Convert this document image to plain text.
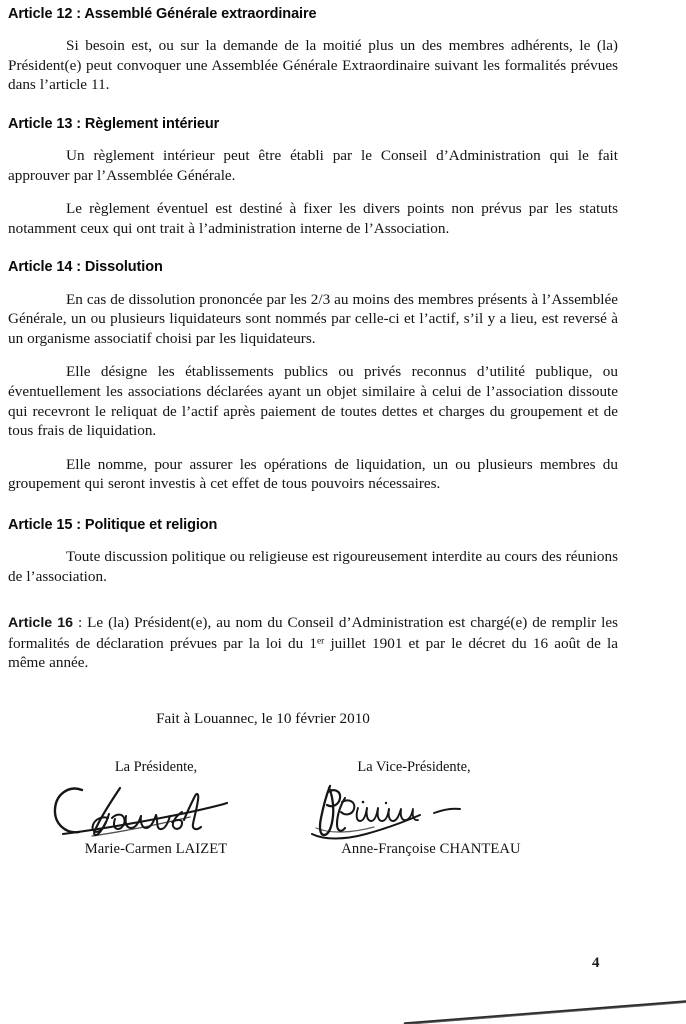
Article 12 : Assemblé Générale extraordinaire

Si besoin est, ou sur la demande de la moitié plus un des membres adhérents, le (la) Président(e) peut convoquer une Assemblée Générale Extraordinaire suivant les formalités prévues dans l’article 11.

Article 13 : Règlement intérieur

Un règlement intérieur peut être établi par le Conseil d’Administration qui le fait approuver par l’Assemblée Générale.

Le règlement éventuel est destiné à fixer les divers points non prévus par les statuts notamment ceux qui ont trait à l’administration interne de l’Association.

Article 14 : Dissolution

En cas de dissolution prononcée par les 2/3 au moins des membres présents à l’Assemblée Générale, un ou plusieurs liquidateurs sont nommés par celle-ci et l’actif, s’il y a lieu, est reversé à un organisme associatif choisi par les liquidateurs.

Elle désigne les établissements publics ou privés reconnus d’utilité publique, ou éventuellement les associations déclarées ayant un objet similaire à celui de l’association dissoute qui recevront le reliquat de l’actif après paiement de toutes dettes et charges du groupement et de tous frais de liquidation.

Elle nomme, pour assurer les opérations de liquidation, un ou plusieurs membres du groupement qui seront investis à cet effet de tous pouvoirs nécessaires.

Article 15 : Politique et religion

Toute discussion politique ou religieuse est rigoureusement interdite au cours des réunions de l’association.

Article 16 : Le (la) Président(e), au nom du Conseil d’Administration est chargé(e) de remplir les formalités de déclaration prévues par la loi du 1er juillet 1901 et par le décret du 16 août de la même année.

Fait à Louannec, le 10 février 2010

La Présidente,

Marie-Carmen LAIZET

La Vice-Présidente,

Anne-Françoise CHANTEAU

4
